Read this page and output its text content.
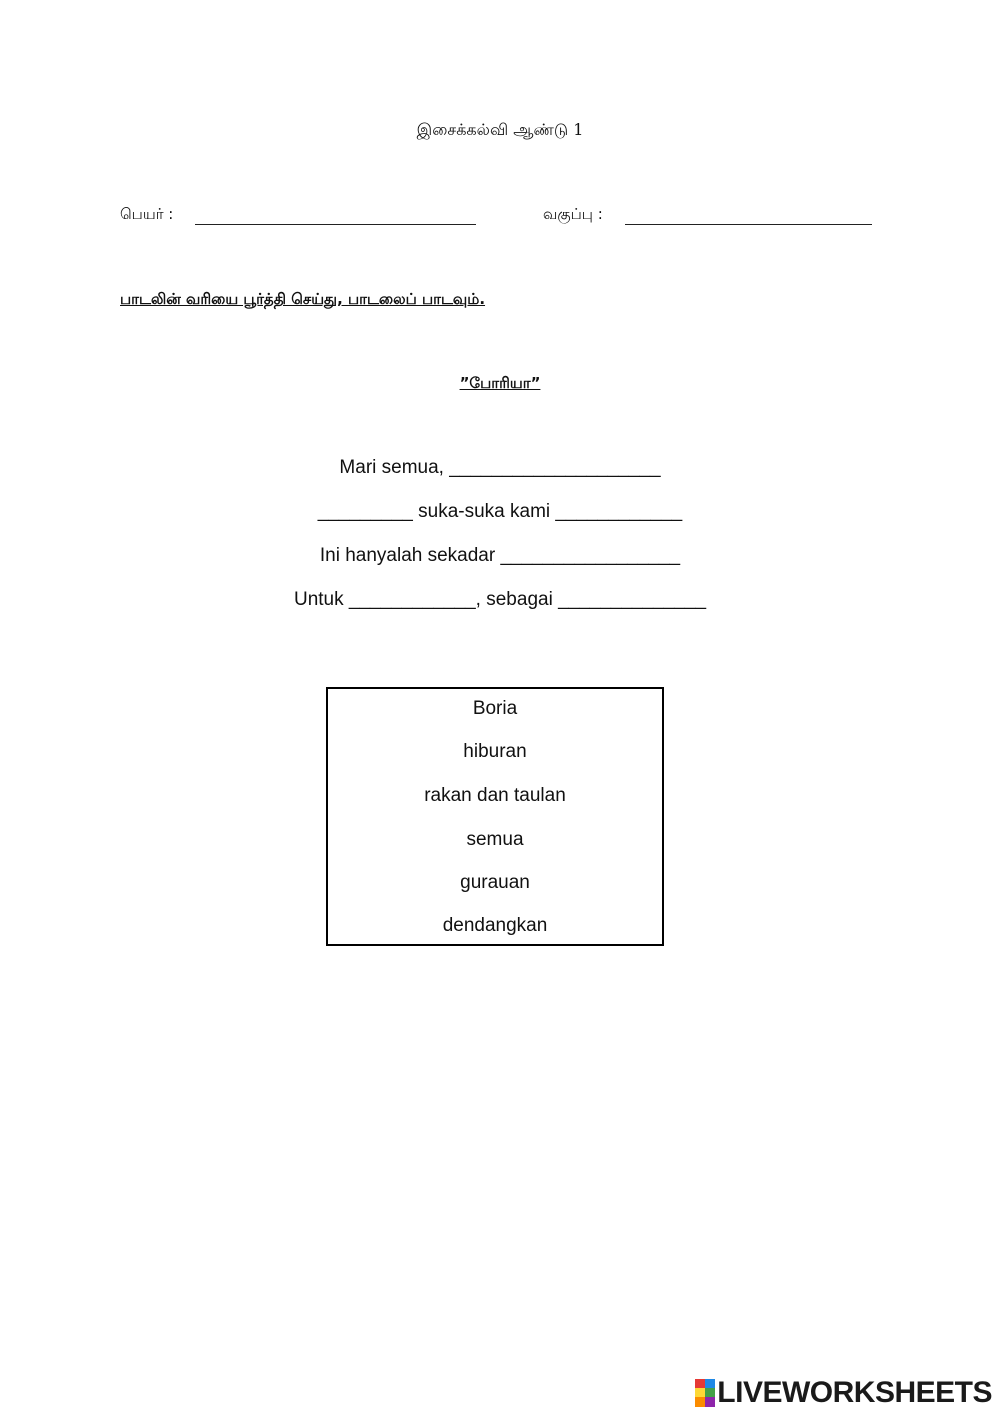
இசைக்கல்வி ஆண்டு 1
பெயர் :	வகுப்பு :
பாடலின் வரியை பூர்த்தி செய்து, பாடலைப் பாடவும்.
”போரியா”
Mari semua, ____________________
_________ suka-suka kami ____________
Ini hanyalah sekadar _________________
Untuk ____________, sebagai ______________
Boria
hiburan
rakan dan taulan
semua
gurauan
dendangkan
LIVEWORKSHEETS
